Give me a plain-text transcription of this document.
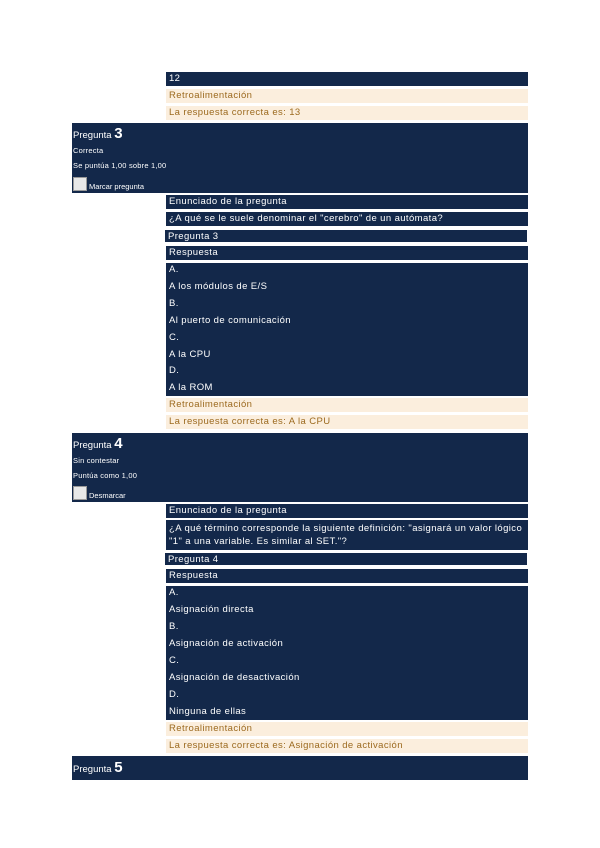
12
Retroalimentación
La respuesta correcta es: 13
Pregunta 3
Correcta
Se puntúa 1,00 sobre 1,00
Marcar pregunta
Enunciado de la pregunta
¿A qué se le suele denominar el "cerebro" de un autómata?
Pregunta 3
Respuesta
A.
A los módulos de E/S
B.
Al puerto de comunicación
C.
A la CPU
D.
A la ROM
Retroalimentación
La respuesta correcta es: A la CPU
Pregunta 4
Sin contestar
Puntúa como 1,00
Desmarcar
Enunciado de la pregunta
¿A qué término corresponde la siguiente definición: "asignará un valor lógico "1" a una variable. Es similar al SET."?
Pregunta 4
Respuesta
A.
Asignación directa
B.
Asignación de activación
C.
Asignación de desactivación
D.
Ninguna de ellas
Retroalimentación
La respuesta correcta es: Asignación de activación
Pregunta 5
